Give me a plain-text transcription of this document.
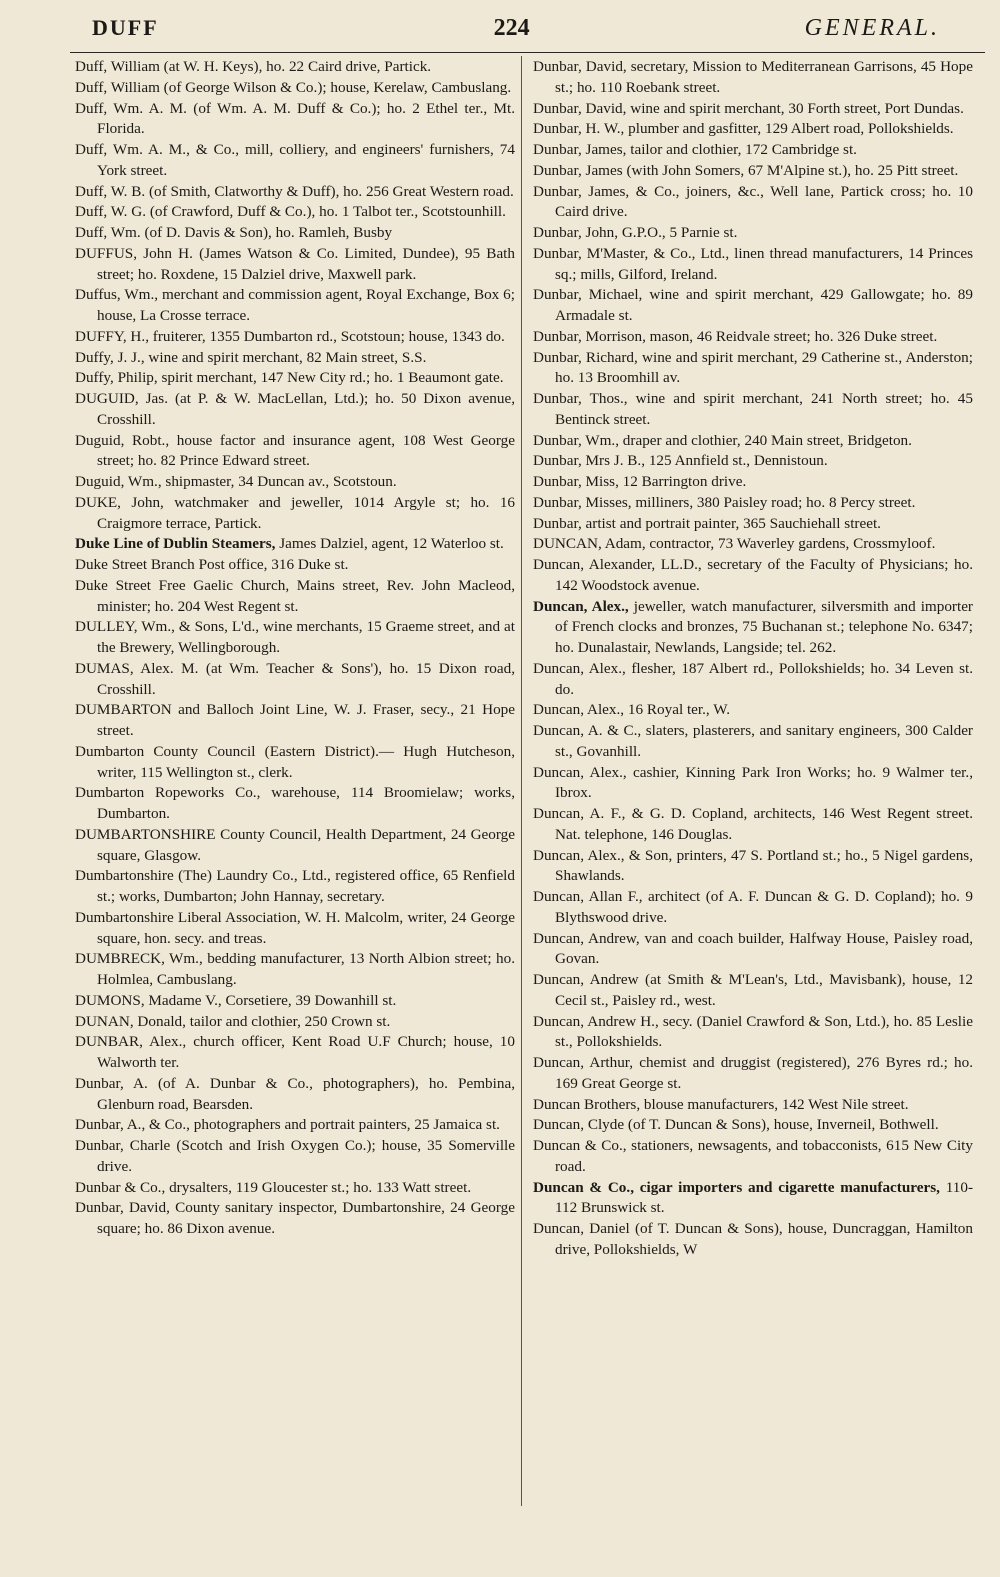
DUFF	224	GENERAL.

Duff, William (at W. H. Keys), ho. 22 Caird drive, Partick.

Duff, William (of George Wilson & Co.); house, Kerelaw, Cambuslang.

Duff, Wm. A. M. (of Wm. A. M. Duff & Co.); ho. 2 Ethel ter., Mt. Florida.

Duff, Wm. A. M., & Co., mill, colliery, and engineers' furnishers, 74 York street.

Duff, W. B. (of Smith, Clatworthy & Duff), ho. 256 Great Western road.

Duff, W. G. (of Crawford, Duff & Co.), ho. 1 Talbot ter., Scotstounhill.

Duff, Wm. (of D. Davis & Son), ho. Ramleh, Busby

DUFFUS, John H. (James Watson & Co. Limited, Dundee), 95 Bath street; ho. Roxdene, 15 Dalziel drive, Maxwell park.

Duffus, Wm., merchant and commission agent, Royal Exchange, Box 6; house, La Crosse terrace.

DUFFY, H., fruiterer, 1355 Dumbarton rd., Scotstoun; house, 1343 do.

Duffy, J. J., wine and spirit merchant, 82 Main street, S.S.

Duffy, Philip, spirit merchant, 147 New City rd.; ho. 1 Beaumont gate.

DUGUID, Jas. (at P. & W. MacLellan, Ltd.); ho. 50 Dixon avenue, Crosshill.

Duguid, Robt., house factor and insurance agent, 108 West George street; ho. 82 Prince Edward street.

Duguid, Wm., shipmaster, 34 Duncan av., Scotstoun.

DUKE, John, watchmaker and jeweller, 1014 Argyle st; ho. 16 Craigmore terrace, Partick.

Duke Line of Dublin Steamers, James Dalziel, agent, 12 Waterloo st.

Duke Street Branch Post office, 316 Duke st.

Duke Street Free Gaelic Church, Mains street, Rev. John Macleod, minister; ho. 204 West Regent st.

DULLEY, Wm., & Sons, L'd., wine merchants, 15 Graeme street, and at the Brewery, Wellingborough.

DUMAS, Alex. M. (at Wm. Teacher & Sons'), ho. 15 Dixon road, Crosshill.

DUMBARTON and Balloch Joint Line, W. J. Fraser, secy., 21 Hope street.

Dumbarton County Council (Eastern District).— Hugh Hutcheson, writer, 115 Wellington st., clerk.

Dumbarton Ropeworks Co., warehouse, 114 Broomielaw; works, Dumbarton.

DUMBARTONSHIRE County Council, Health Department, 24 George square, Glasgow.

Dumbartonshire (The) Laundry Co., Ltd., registered office, 65 Renfield st.; works, Dumbarton; John Hannay, secretary.

Dumbartonshire Liberal Association, W. H. Malcolm, writer, 24 George square, hon. secy. and treas.

DUMBRECK, Wm., bedding manufacturer, 13 North Albion street; ho. Holmlea, Cambuslang.

DUMONS, Madame V., Corsetiere, 39 Dowanhill st.

DUNAN, Donald, tailor and clothier, 250 Crown st.

DUNBAR, Alex., church officer, Kent Road U.F Church; house, 10 Walworth ter.

Dunbar, A. (of A. Dunbar & Co., photographers), ho. Pembina, Glenburn road, Bearsden.

Dunbar, A., & Co., photographers and portrait painters, 25 Jamaica st.

Dunbar, Charle (Scotch and Irish Oxygen Co.); house, 35 Somerville drive.

Dunbar & Co., drysalters, 119 Gloucester st.; ho. 133 Watt street.

Dunbar, David, County sanitary inspector, Dumbartonshire, 24 George square; ho. 86 Dixon avenue.

Dunbar, David, secretary, Mission to Mediterranean Garrisons, 45 Hope st.; ho. 110 Roebank street.

Dunbar, David, wine and spirit merchant, 30 Forth street, Port Dundas.

Dunbar, H. W., plumber and gasfitter, 129 Albert road, Pollokshields.

Dunbar, James, tailor and clothier, 172 Cambridge st.

Dunbar, James (with John Somers, 67 M'Alpine st.), ho. 25 Pitt street.

Dunbar, James, & Co., joiners, &c., Well lane, Partick cross; ho. 10 Caird drive.

Dunbar, John, G.P.O., 5 Parnie st.

Dunbar, M'Master, & Co., Ltd., linen thread manufacturers, 14 Princes sq.; mills, Gilford, Ireland.

Dunbar, Michael, wine and spirit merchant, 429 Gallowgate; ho. 89 Armadale st.

Dunbar, Morrison, mason, 46 Reidvale street; ho. 326 Duke street.

Dunbar, Richard, wine and spirit merchant, 29 Catherine st., Anderston; ho. 13 Broomhill av.

Dunbar, Thos., wine and spirit merchant, 241 North street; ho. 45 Bentinck street.

Dunbar, Wm., draper and clothier, 240 Main street, Bridgeton.

Dunbar, Mrs J. B., 125 Annfield st., Dennistoun.

Dunbar, Miss, 12 Barrington drive.

Dunbar, Misses, milliners, 380 Paisley road; ho. 8 Percy street.

Dunbar, artist and portrait painter, 365 Sauchiehall street.

DUNCAN, Adam, contractor, 73 Waverley gardens, Crossmyloof.

Duncan, Alexander, LL.D., secretary of the Faculty of Physicians; ho. 142 Woodstock avenue.

Duncan, Alex., jeweller, watch manufacturer, silversmith and importer of French clocks and bronzes, 75 Buchanan st.; telephone No. 6347; ho. Dunalastair, Newlands, Langside; tel. 262.

Duncan, Alex., flesher, 187 Albert rd., Pollokshields; ho. 34 Leven st. do.

Duncan, Alex., 16 Royal ter., W.

Duncan, A. & C., slaters, plasterers, and sanitary engineers, 300 Calder st., Govanhill.

Duncan, Alex., cashier, Kinning Park Iron Works; ho. 9 Walmer ter., Ibrox.

Duncan, A. F., & G. D. Copland, architects, 146 West Regent street. Nat. telephone, 146 Douglas.

Duncan, Alex., & Son, printers, 47 S. Portland st.; ho., 5 Nigel gardens, Shawlands.

Duncan, Allan F., architect (of A. F. Duncan & G. D. Copland); ho. 9 Blythswood drive.

Duncan, Andrew, van and coach builder, Halfway House, Paisley road, Govan.

Duncan, Andrew (at Smith & M'Lean's, Ltd., Mavisbank), house, 12 Cecil st., Paisley rd., west.

Duncan, Andrew H., secy. (Daniel Crawford & Son, Ltd.), ho. 85 Leslie st., Pollokshields.

Duncan, Arthur, chemist and druggist (registered), 276 Byres rd.; ho. 169 Great George st.

Duncan Brothers, blouse manufacturers, 142 West Nile street.

Duncan, Clyde (of T. Duncan & Sons), house, Inverneil, Bothwell.

Duncan & Co., stationers, newsagents, and tobacconists, 615 New City road.

Duncan & Co., cigar importers and cigarette manufacturers, 110-112 Brunswick st.

Duncan, Daniel (of T. Duncan & Sons), house, Duncraggan, Hamilton drive, Pollokshields, W
